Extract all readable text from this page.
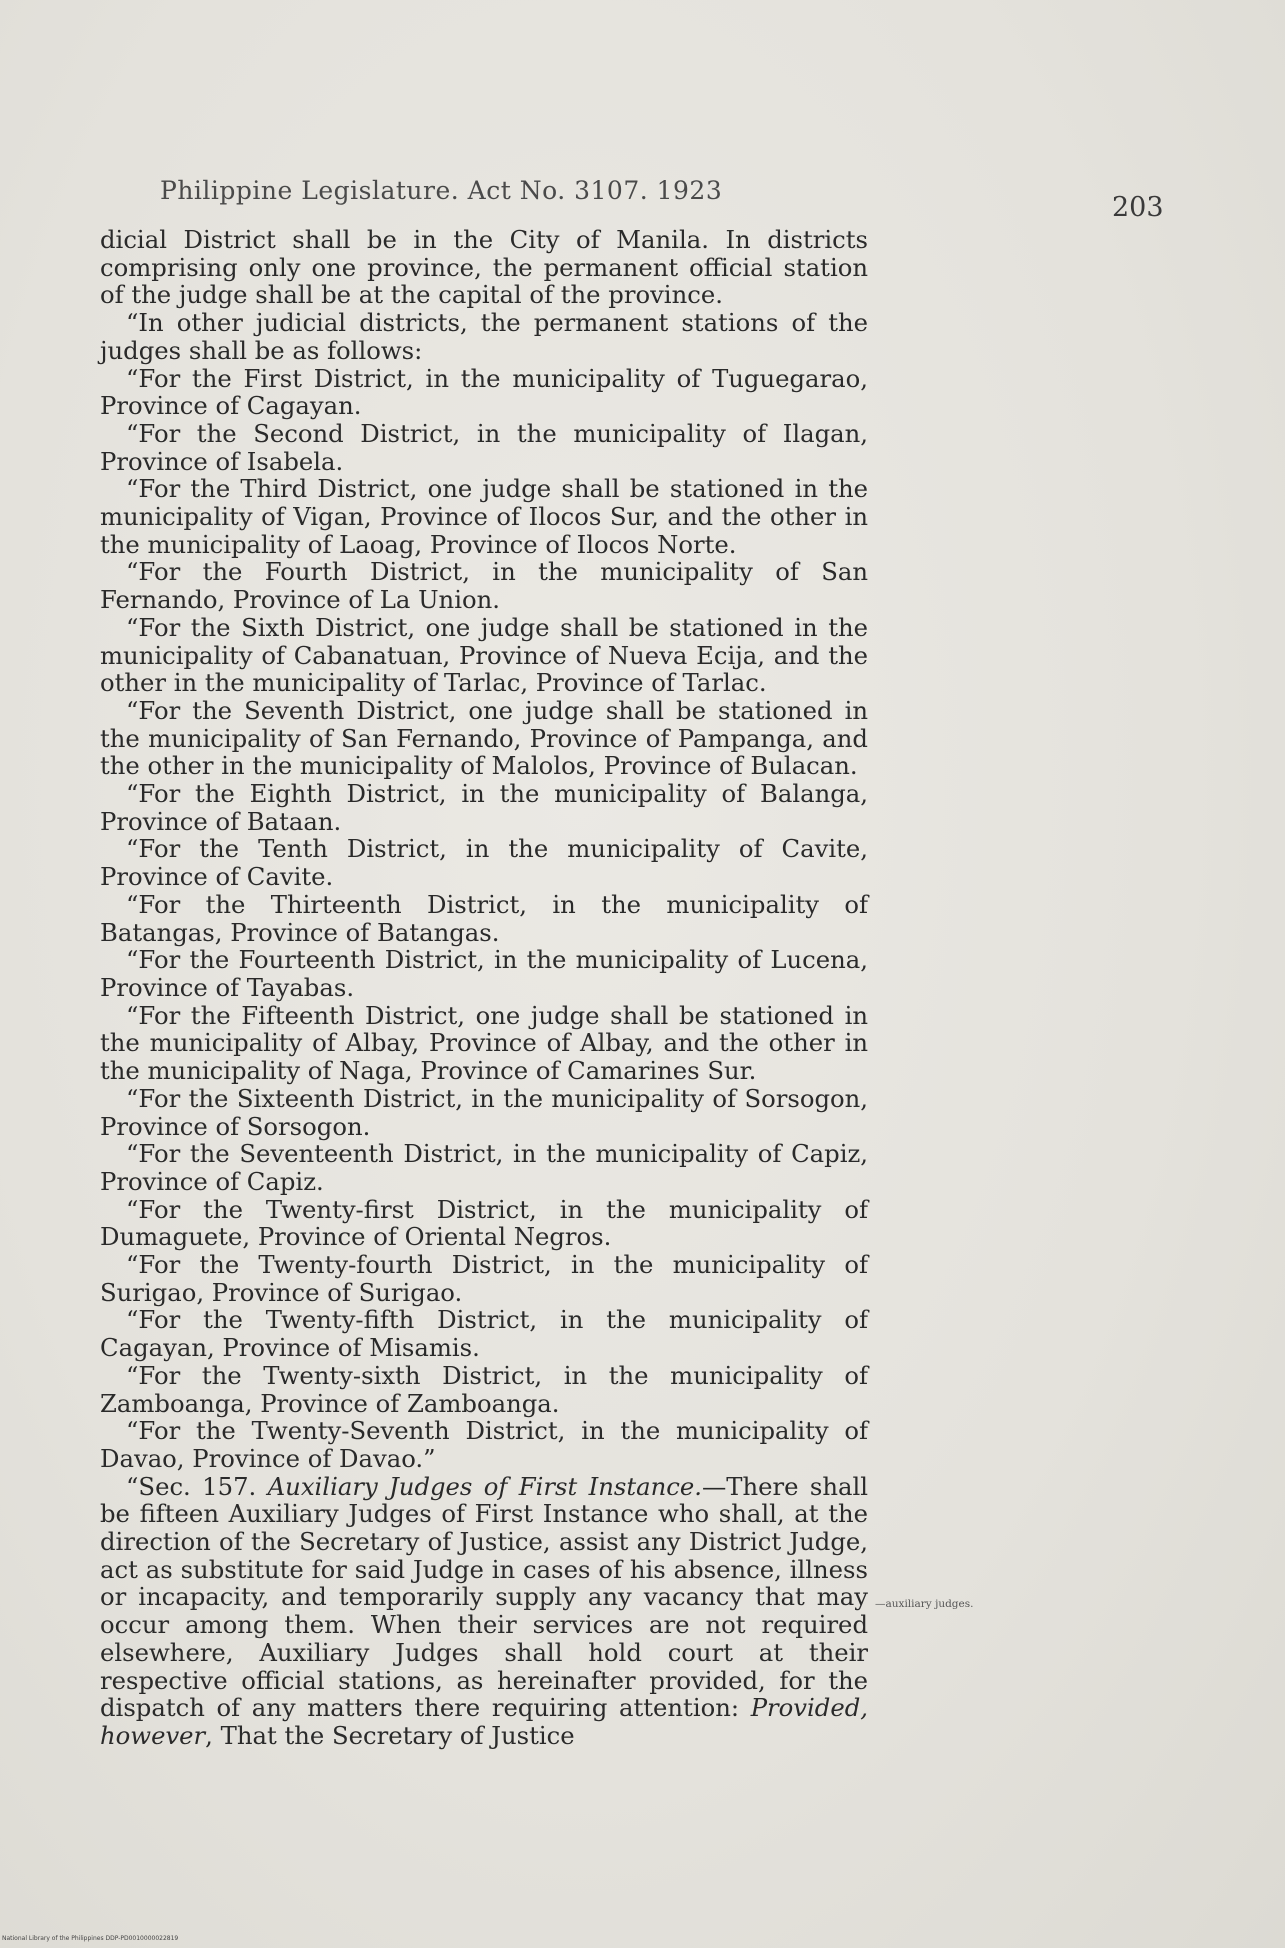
Philippine Legislature. Act No. 3107. 1923
203

dicial District shall be in the City of Manila. In districts comprising only one province, the permanent official station of the judge shall be at the capital of the province.

“In other judicial districts, the permanent stations of the judges shall be as follows:

“For the First District, in the municipality of Tuguegarao, Province of Cagayan.

“For the Second District, in the municipality of Ilagan, Province of Isabela.

“For the Third District, one judge shall be stationed in the municipality of Vigan, Province of Ilocos Sur, and the other in the municipality of Laoag, Province of Ilocos Norte.

“For the Fourth District, in the municipality of San Fernando, Province of La Union.

“For the Sixth District, one judge shall be stationed in the municipality of Cabanatuan, Province of Nueva Ecija, and the other in the municipality of Tarlac, Province of Tarlac.

“For the Seventh District, one judge shall be stationed in the municipality of San Fernando, Province of Pampanga, and the other in the municipality of Malolos, Province of Bulacan.

“For the Eighth District, in the municipality of Balanga, Province of Bataan.

“For the Tenth District, in the municipality of Cavite, Province of Cavite.

“For the Thirteenth District, in the municipality of Batangas, Province of Batangas.

“For the Fourteenth District, in the municipality of Lucena, Province of Tayabas.

“For the Fifteenth District, one judge shall be stationed in the municipality of Albay, Province of Albay, and the other in the municipality of Naga, Province of Camarines Sur.

“For the Sixteenth District, in the municipality of Sorsogon, Province of Sorsogon.

“For the Seventeenth District, in the municipality of Capiz, Province of Capiz.

“For the Twenty-first District, in the municipality of Dumaguete, Province of Oriental Negros.

“For the Twenty-fourth District, in the municipality of Surigao, Province of Surigao.

“For the Twenty-fifth District, in the municipality of Cagayan, Province of Misamis.

“For the Twenty-sixth District, in the municipality of Zamboanga, Province of Zamboanga.

“For the Twenty-Seventh District, in the municipality of Davao, Province of Davao.”

“Sec. 157. Auxiliary Judges of First Instance.—There shall be fifteen Auxiliary Judges of First Instance who shall, at the direction of the Secretary of Justice, assist any District Judge, act as substitute for said Judge in cases of his absence, illness or incapacity, and temporarily supply any vacancy that may occur among them. When their services are not required elsewhere, Auxiliary Judges shall hold court at their respective official stations, as hereinafter provided, for the dispatch of any matters there requiring attention: Provided, however, That the Secretary of Justice

—auxiliary judges.
National Library of the Philippines DDP-PD0010000022819
